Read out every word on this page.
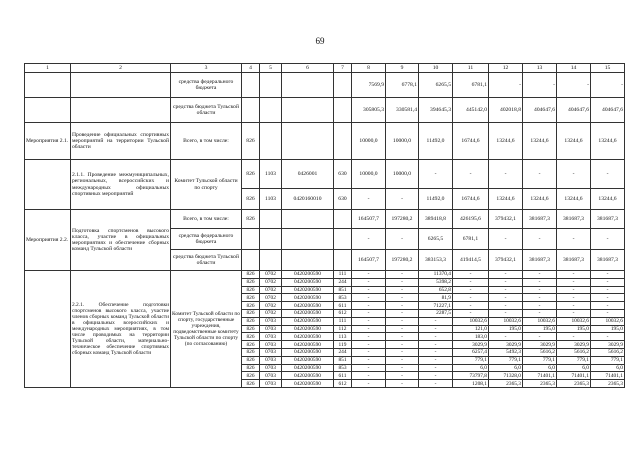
69
1	2	3	4	5	6	7	8	9	10	11	12	13	14	15
		средства федерального бюджета					7569,9	6778,1	6265,5	6781,1	-	-	-	-
		средства бюджета Тульской области					305805,3	330581,4	394645,3	445142,0	402018,8	404647,6	404647,6	404647,6
Мероприятия 2.1.	Проведение официальных спортивных мероприятий на территории Тульской области	Всего, в том числе:	826				10000,0	10000,0	11492,0	16744,6	13244,6	13244,6	13244,6	13244,6
	2.1.1. Проведение межмуниципальных, региональных, всероссийских и международных официальных спортивных мероприятий	Комитет Тульской области по спорту	826	1103	0426001	630	10000,0	10000,0	-	-	-	-	-	-
			826	1103	0420160010	630	-	-	11492,0	16744,6	13244,6	13244,6	13244,6	13244,6
Мероприятия 2.2.	Подготовка спортсменов высокого класса, участие в официальных мероприятиях и обеспечение сборных команд Тульской области	Всего, в том числе:	826				164507,7	197280,2	389418,8	426195,6	379432,1	381687,3	381687,3	381687,3
		средства федерального бюджета					-	-	6265,5	6781,1	-	-	-	-
		средства бюджета Тульской области					164507,7	197280,2	383153,3	419414,5	379432,1	381687,3	381687,3	381687,3
	2.2.1. Обеспечение подготовки спортсменов высокого класса, участие членов сборных команд Тульской области в официальных всероссийских и международных мероприятиях, в том числе проводимых на территории Тульской области, материально-техническое обеспечение спортивных сборных команд Тульской области	Комитет Тульской области по спорту, государственные учреждения, подведомственные комитету Тульской области по спорту (по согласованию)	826	0702	0420200590	111	-	-	11370,4	-	-	-	-	-
			826	0702	0420200590	244	-	-	5398,2	-	-	-	-	-
			826	0702	0420200590	851	-	-	652,8	-	-	-	-	-
			826	0702	0420200590	853	-	-	81,9	-	-	-	-	-
			826	0702	0420200590	611	-	-	71227,1	-	-	-	-	-
			826	0702	0420200590	612	-	-	2287,5	-	-	-	-	-
			826	0703	0420200590	111	-	-	-	10032,6	10032,6	10032,6	10032,6	10032,6
			826	0703	0420200590	112	-	-	-	121,0	195,0	195,0	195,0	195,0
			826	0703	0420200590	113	-	-	-	183,0	-	-	-	-
			826	0703	0420200590	119	-	-	-	3029,9	3029,9	3029,9	3029,9	3029,9
			826	0703	0420200590	244	-	-	-	6257,4	5492,3	5616,2	5616,2	5616,2
			826	0703	0420200590	851	-	-	-	779,1	779,1	779,1	779,1	779,1
			826	0703	0420200590	853	-	-	-	6,0	6,0	6,0	6,0	6,0
			826	0703	0420200590	611	-	-	-	73797,8	71328,0	71401,1	71401,1	71401,1
			826	0703	0420200590	612	-	-	-	1208,1	2365,3	2365,3	2365,3	2365,3
